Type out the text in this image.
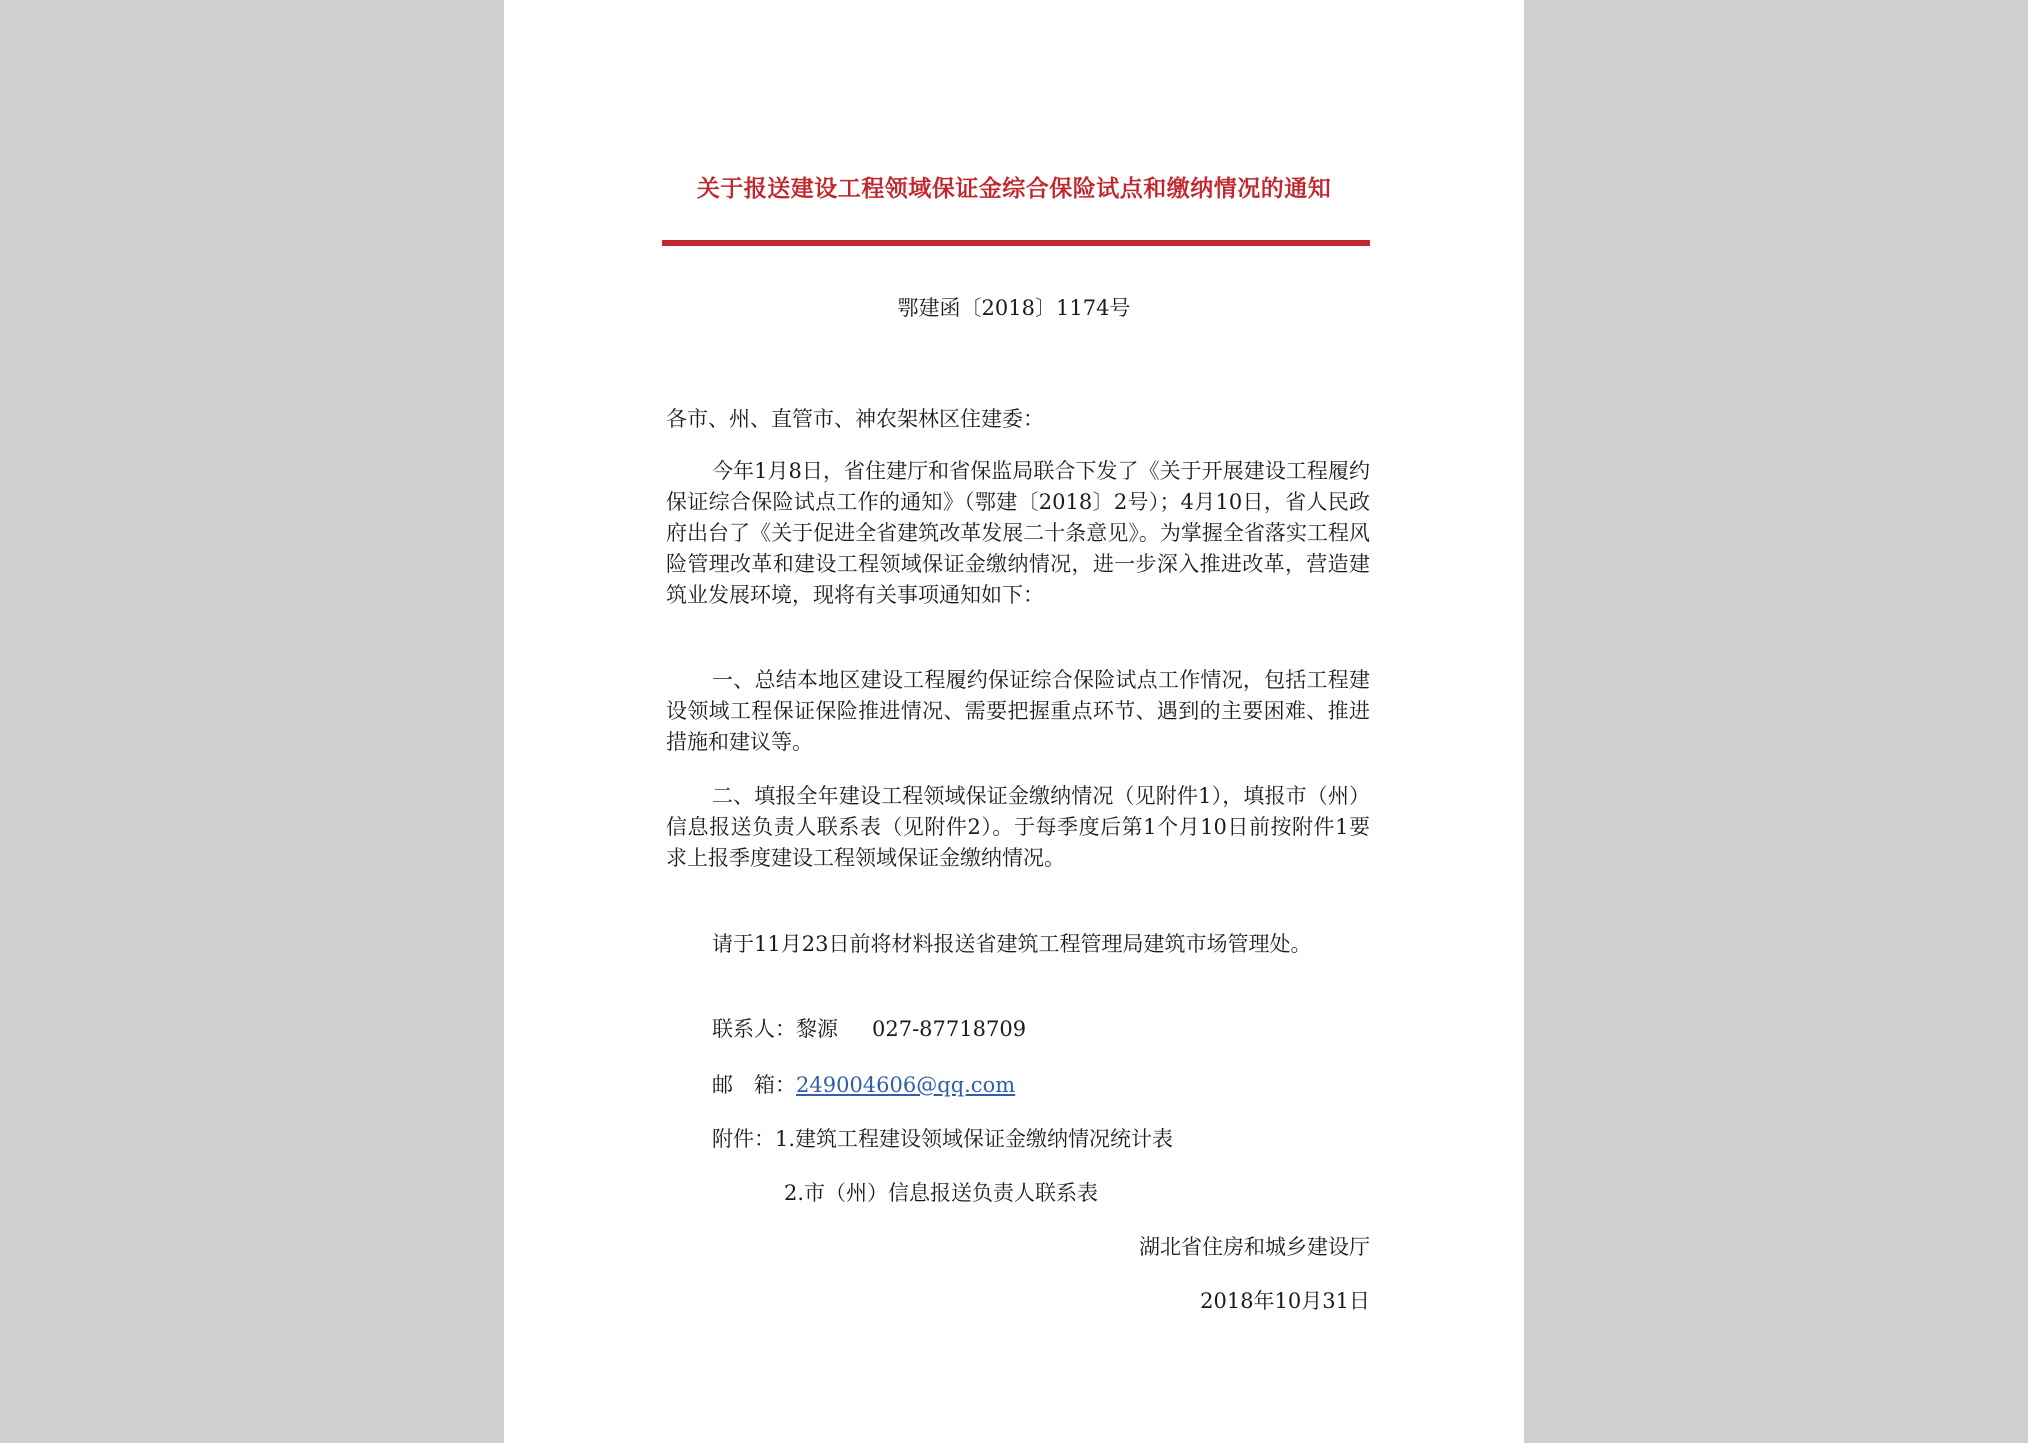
关于报送建设工程领域保证金综合保险试点和缴纳情况的通知
鄂建函〔2018〕1174号
各市、州、直管市、神农架林区住建委：
今年1月8日，省住建厅和省保监局联合下发了《关于开展建设工程履约保证综合保险试点工作的通知》（鄂建〔2018〕2号）；4月10日，省人民政府出台了《关于促进全省建筑改革发展二十条意见》。为掌握全省落实工程风险管理改革和建设工程领域保证金缴纳情况，进一步深入推进改革，营造建筑业发展环境，现将有关事项通知如下：
一、总结本地区建设工程履约保证综合保险试点工作情况，包括工程建设领域工程保证保险推进情况、需要把握重点环节、遇到的主要困难、推进措施和建议等。
二、填报全年建设工程领域保证金缴纳情况（见附件1），填报市（州）信息报送负责人联系表（见附件2）。于每季度后第1个月10日前按附件1要求上报季度建设工程领域保证金缴纳情况。
请于11月23日前将材料报送省建筑工程管理局建筑市场管理处。
联系人：黎源 027-87718709
邮　箱：249004606@qq.com
附件：1.建筑工程建设领域保证金缴纳情况统计表
2.市（州）信息报送负责人联系表
湖北省住房和城乡建设厅
2018年10月31日
